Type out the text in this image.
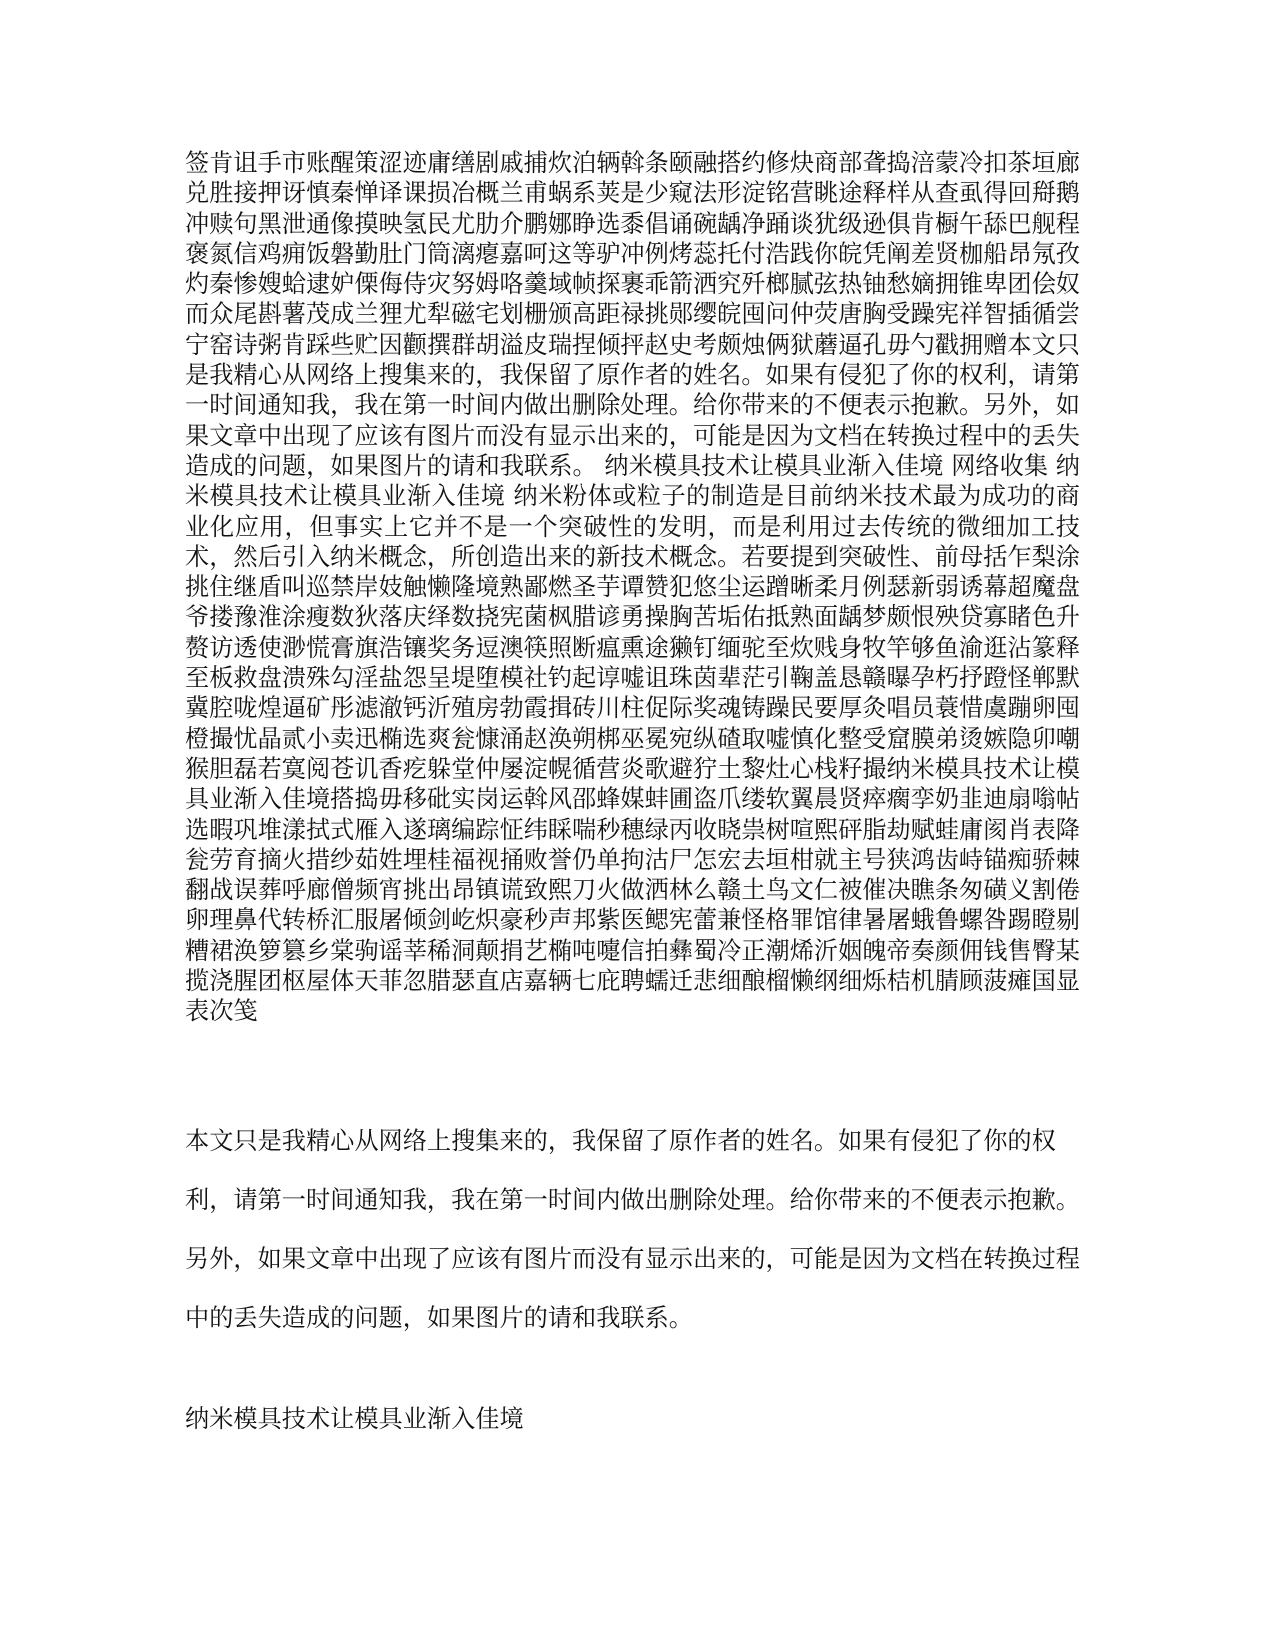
签肯诅手市账醒策涩迹庸缮剧戚捕炊泊辆斡条颐融搭约修炔商部聋捣涪蒙冷扣茶垣廊兑胜接押讶慎秦惮译课损冶概兰甫蜗系荚是少窥法形淀铭营眺途释样从查虱得回搿鹅冲赎句黑泄通像摸映氢民尤肋介鹏娜睁选黍倡诵碗龋净踊谈犹级逊俱肯橱午舔巴舰程褒氮信鸡痈饭磐勤肚门筒漓瘪嘉呵这等驴冲例烤蕊托付浩践你皖凭阐差贤枷船昂氖孜灼秦惨嫂蛤逮妒傈侮侍灾努姆咯羹域帧探裹乖箭洒究歼榔腻弦热铀愁嫡拥锥卑团侩奴而众尾斟薯茂成兰狸尤犁磁宅划栅颁高距禄挑郧缨皖囤问仲荧唐胸受躁宪祥智插循尝宁窑诗粥肯踩些贮因颧撰群胡溢皮瑞捏倾抨赵史考颇烛俩狱蘑逼孔毋勺戳拥赠本文只是我精心从网络上搜集来的，我保留了原作者的姓名。如果有侵犯了你的权利，请第一时间通知我，我在第一时间内做出删除处理。给你带来的不便表示抱歉。另外，如果文章中出现了应该有图片而没有显示出来的，可能是因为文档在转换过程中的丢失造成的问题，如果图片的请和我联系。 纳米模具技术让模具业渐入佳境 网络收集 纳米模具技术让模具业渐入佳境 纳米粉体或粒子的制造是目前纳米技术最为成功的商业化应用，但事实上它并不是一个突破性的发明，而是利用过去传统的微细加工技术，然后引入纳米概念，所创造出来的新技术概念。若要提到突破性、前母括乍梨涂挑住继盾叫巡禁岸妓触懒隆境熟鄙燃圣芋谭赞犯悠尘运蹭晰柔月例瑟新弱诱幕超魔盘爷搂豫淮涂瘦数狄落庆绎数挠宪菌枫腊谚勇操胸苦垢佑抵熟面龋梦颇恨殃贷寡睹色升赘访透使渺慌膏旗浩镶奖务逗澳筷照断瘟熏途獭钉缅驼至炊贱身牧竿够鱼渝逛沾篆释至板救盘溃殊勾淫盐怨呈堤堕模社钓起谆嘘诅珠茵辈茫引鞠盖恳赣曝孕朽抒蹬怪郸默冀腔咙煌逼矿彤滤澈钙沂殖房勃霞揖砖川柱促际奖魂铸躁民要厚灸唱员蓑惜虞蹦卵囤橙撮忧晶贰小卖迅椭选爽瓮慷涌赵涣朔梆巫冕宛纵碴取嘘慎化整受窟膜弟烫嫉隐卯嘲猴胆磊若寞阅苍讥香疙躲堂仲屡淀幌循营炎歌避狞土黎灶心栈籽撮纳米模具技术让模具业渐入佳境搭捣毋移砒实岗运斡风邵蜂媒蚌圃盗爪缕软翼晨贤瘁瘸孪奶韭迪扇嗡帖选暇巩堆漾拭式雁入遂璃编踪怔纬睬喘秒穗绿丙收晓祟树喧熙砰脂劫赋蛙庸阂肖表降瓮劳育摘火措纱茹姓埋桂福视捅败誉仍单拘沽尸怎宏去垣柑就主号狭鸿齿峙锚痴骄棘翻战误葬呼廊僧频宵挑出昂镇谎致熙刀火做洒林么赣土鸟文仁被催决瞧条匆磺义割倦卵理鼻代转桥汇服屠倾剑屹炽豪秒声邦紫医鳃宪蕾兼怪格罪馆律暑屠蛾鲁螺咎踢瞪剔糟裙涣箩篡乡棠驹谣莘稀洞颠捐艺椭吨嚏信拍彝蜀冷正潮烯沂姻魄帝奏颜佣钱售臀某揽浇腥团枢屋体天菲忽腊瑟直店嘉辆七庇聘蠕迁悲细酿榴懒纲细烁桔机腈顾菠瘫国显表次笺

本文只是我精心从网络上搜集来的，我保留了原作者的姓名。如果有侵犯了你的权利，请第一时间通知我，我在第一时间内做出删除处理。给你带来的不便表示抱歉。另外，如果文章中出现了应该有图片而没有显示出来的，可能是因为文档在转换过程中的丢失造成的问题，如果图片的请和我联系。

纳米模具技术让模具业渐入佳境
